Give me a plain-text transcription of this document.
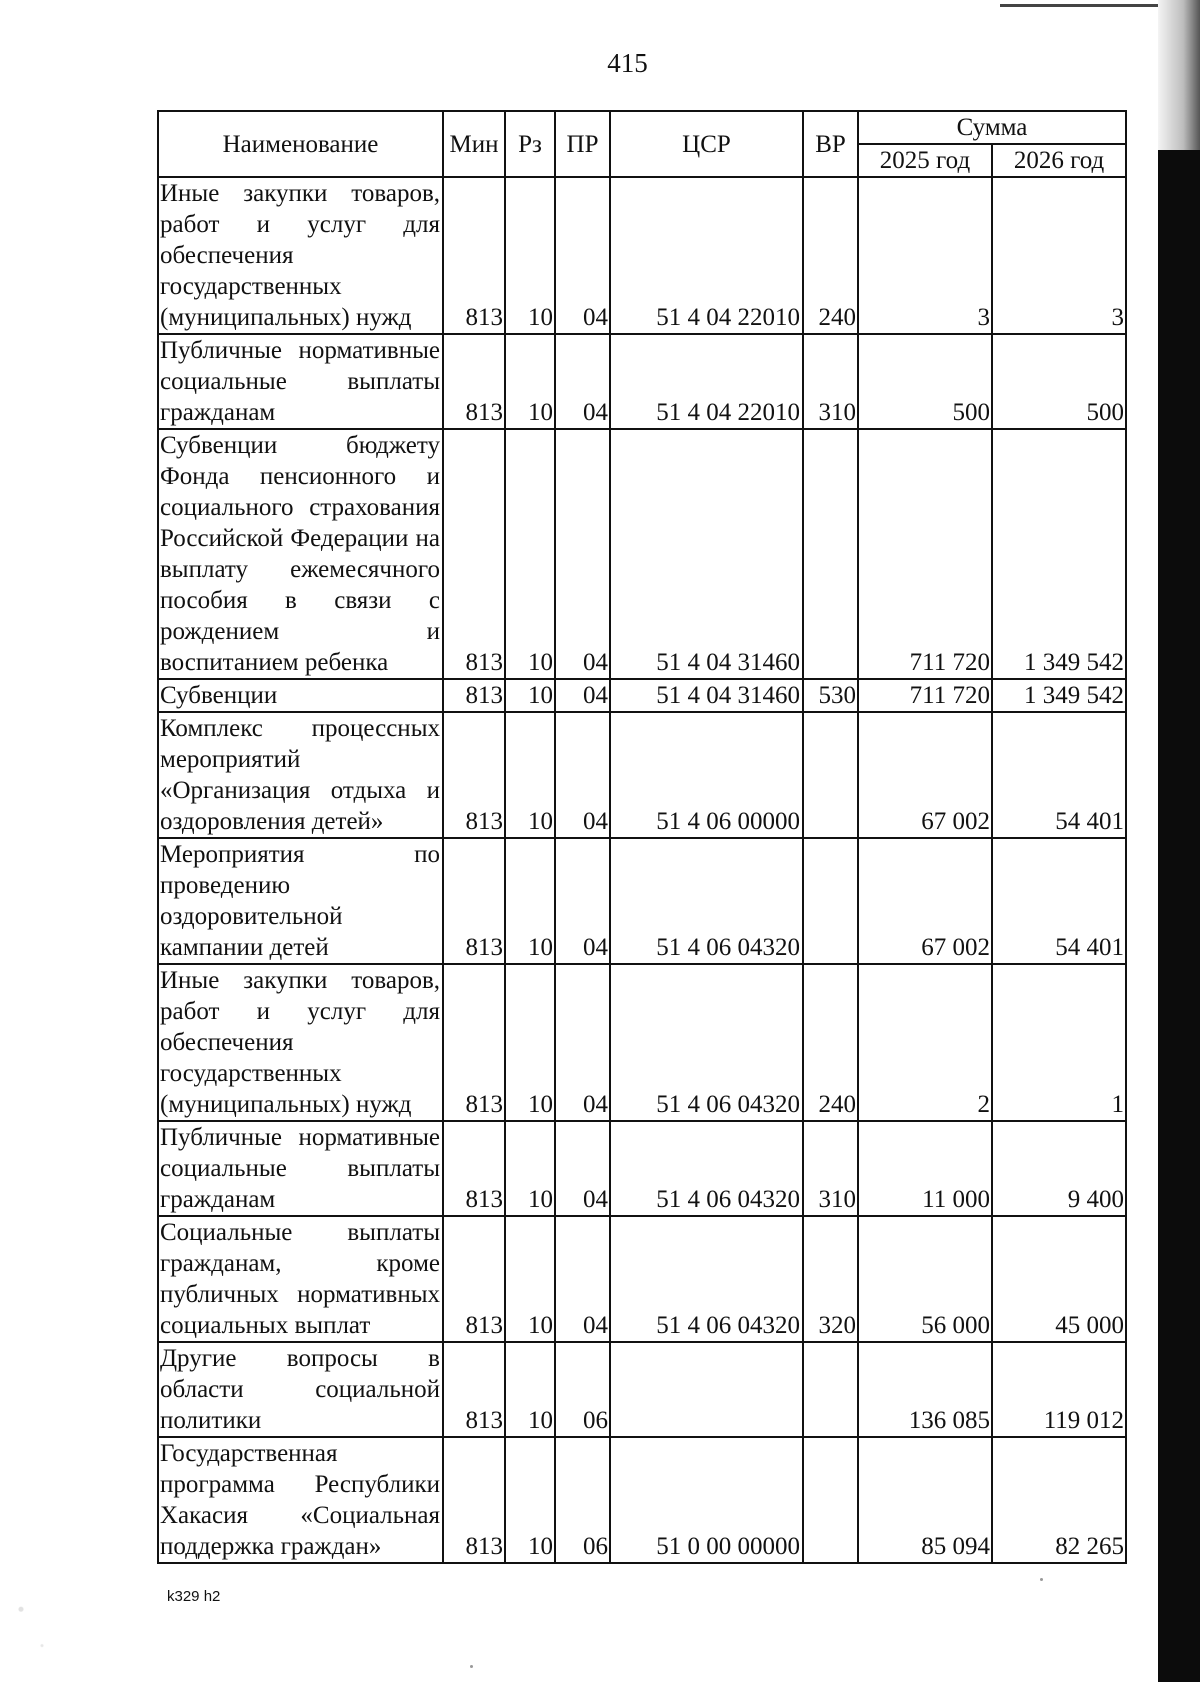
415
Наименование	Мин	Рз	ПР	ЦСР	ВР	Сумма	
						2025 год	2026 год
Иные закупки товаров, работ и услуг для обеспечения государственных (муниципальных) нужд	813	10	04	51 4 04 22010	240	3	3
Публичные нормативные социальные выплаты гражданам	813	10	04	51 4 04 22010	310	500	500
Субвенции бюджету Фонда пенсионного и социального страхования Российской Федерации на выплату ежемесячного пособия в связи с рождением и воспитанием ребенка	813	10	04	51 4 04 31460		711 720	1 349 542
Субвенции	813	10	04	51 4 04 31460	530	711 720	1 349 542
Комплекс процессных мероприятий «Организация отдыха и оздоровления детей»	813	10	04	51 4 06 00000		67 002	54 401
Мероприятия по проведению оздоровительной кампании детей	813	10	04	51 4 06 04320		67 002	54 401
Иные закупки товаров, работ и услуг для обеспечения государственных (муниципальных) нужд	813	10	04	51 4 06 04320	240	2	1
Публичные нормативные социальные выплаты гражданам	813	10	04	51 4 06 04320	310	11 000	9 400
Социальные выплаты гражданам, кроме публичных нормативных социальных выплат	813	10	04	51 4 06 04320	320	56 000	45 000
Другие вопросы в области социальной политики	813	10	06			136 085	119 012
Государственная программа Республики Хакасия «Социальная поддержка граждан»	813	10	06	51 0 00 00000		85 094	82 265
k329 h2
